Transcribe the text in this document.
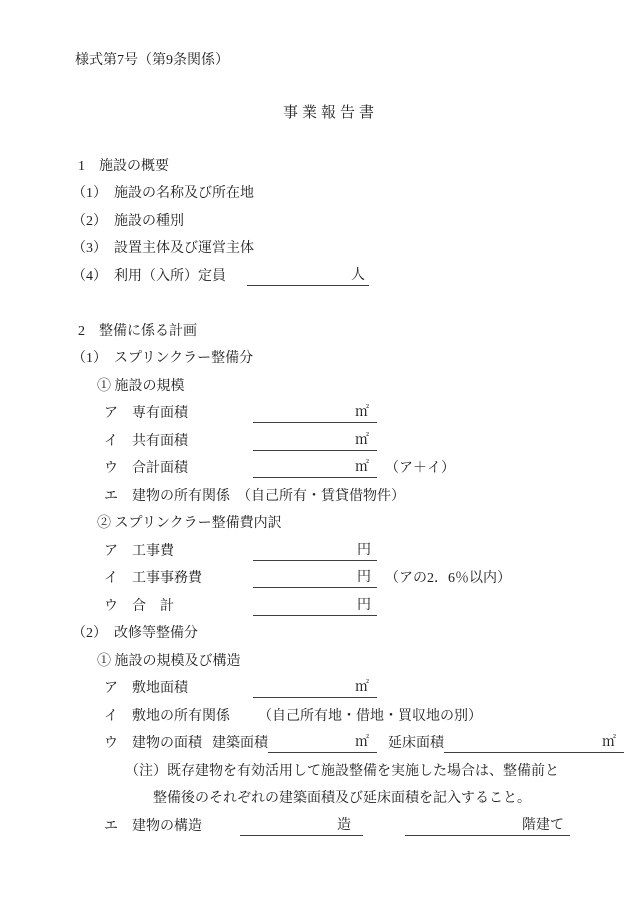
様式第7号（第9条関係）
事業報告書
1　施設の概要
（1）　施設の名称及び所在地
（2）　施設の種別
（3）　設置主体及び運営主体
（4）　利用（入所）定員	人
2　整備に係る計画
（1）　スプリンクラー整備分
① 施設の規模
ア　専有面積	㎡
イ　共有面積	㎡
ウ　合計面積	㎡	（ア＋イ）
エ　建物の所有関係 （自己所有・賃貸借物件）
② スプリンクラー整備費内訳
ア　工事費	円
イ　工事事務費	円	（アの2．6％以内）
ウ　合　計	円
（2）　改修等整備分
① 施設の規模及び構造
ア　敷地面積	㎡
イ　敷地の所有関係 （自己所有地・借地・買収地の別）
ウ　建物の面積 建築面積	㎡	延床面積	㎡
（注）既存建物を有効活用して施設整備を実施した場合は、整備前と
整備後のそれぞれの建築面積及び延床面積を記入すること。
エ　建物の構造	造	階建て
